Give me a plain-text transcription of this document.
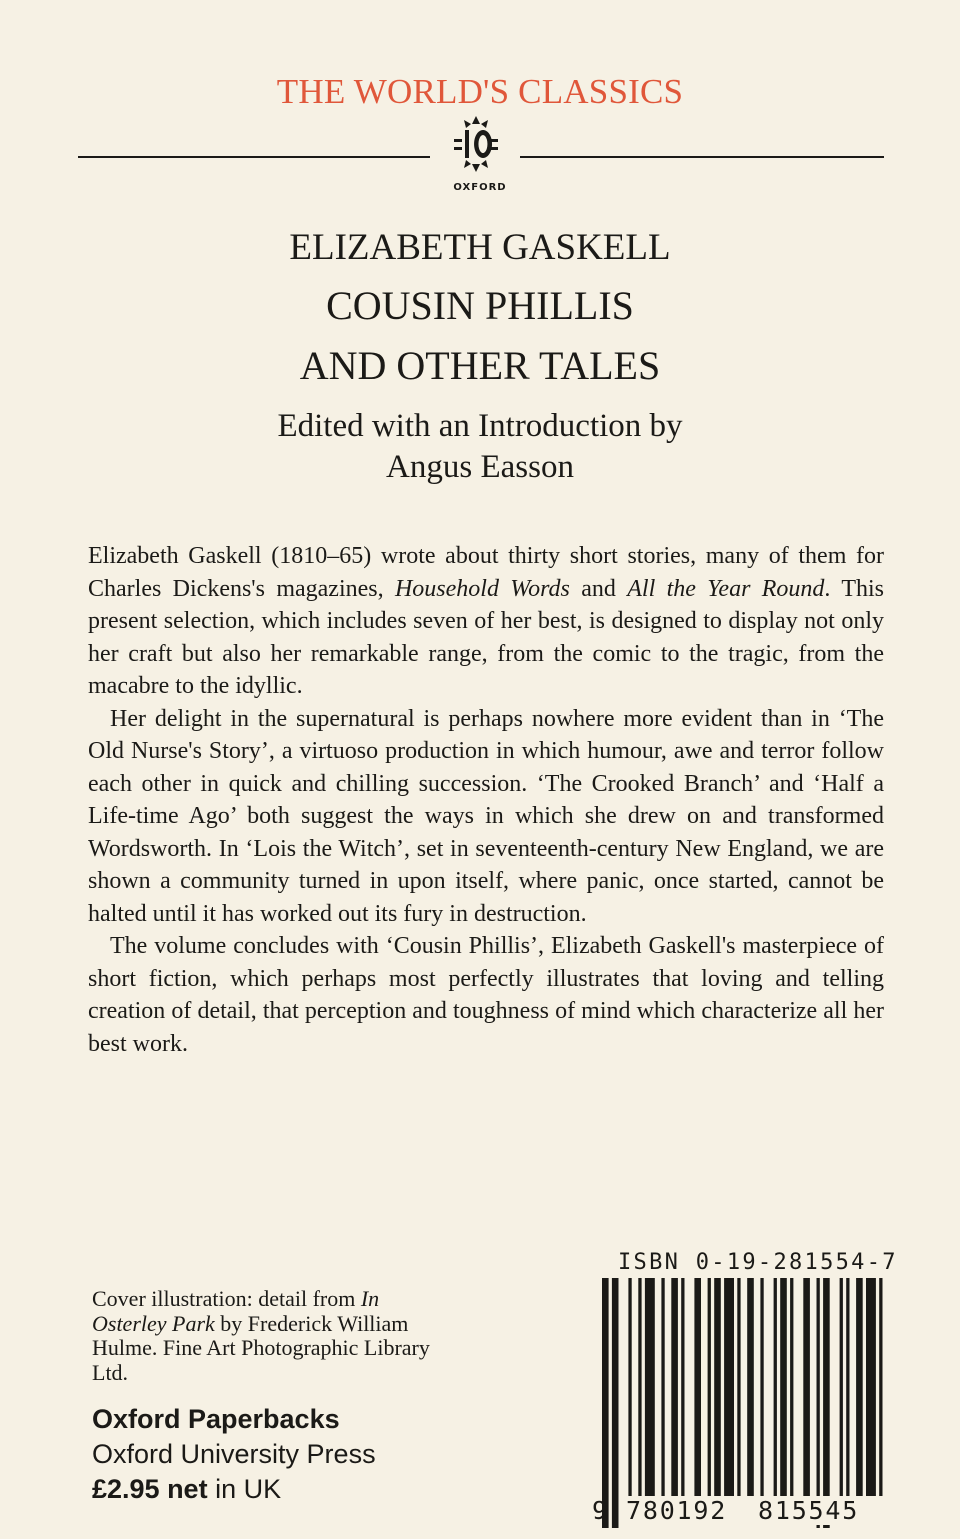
THE WORLD'S CLASSICS
OXFORD
ELIZABETH GASKELL
COUSIN PHILLIS
AND OTHER TALES
Edited with an Introduction by
Angus Easson

Elizabeth Gaskell (1810–65) wrote about thirty short stories, many of them for Charles Dickens's magazines, Household Words and All the Year Round. This present selection, which includes seven of her best, is designed to display not only her craft but also her remarkable range, from the comic to the tragic, from the macabre to the idyllic.

Her delight in the supernatural is perhaps nowhere more evident than in ‘The Old Nurse's Story’, a virtuoso production in which humour, awe and terror follow each other in quick and chilling succession. ‘The Crooked Branch’ and ‘Half a Life-time Ago’ both suggest the ways in which she drew on and transformed Wordsworth. In ‘Lois the Witch’, set in seventeenth-century New England, we are shown a community turned in upon itself, where panic, once started, cannot be halted until it has worked out its fury in destruction.

The volume concludes with ‘Cousin Phillis’, Elizabeth Gaskell's masterpiece of short fiction, which perhaps most perfectly illustrates that loving and telling creation of detail, that perception and toughness of mind which characterize all her best work.

Cover illustration: detail from In Osterley Park by Frederick William Hulme. Fine Art Photographic Library Ltd.
Oxford Paperbacks
Oxford University Press
£2.95 net in UK
ISBN 0-19-281554-7
9 780192 815545
